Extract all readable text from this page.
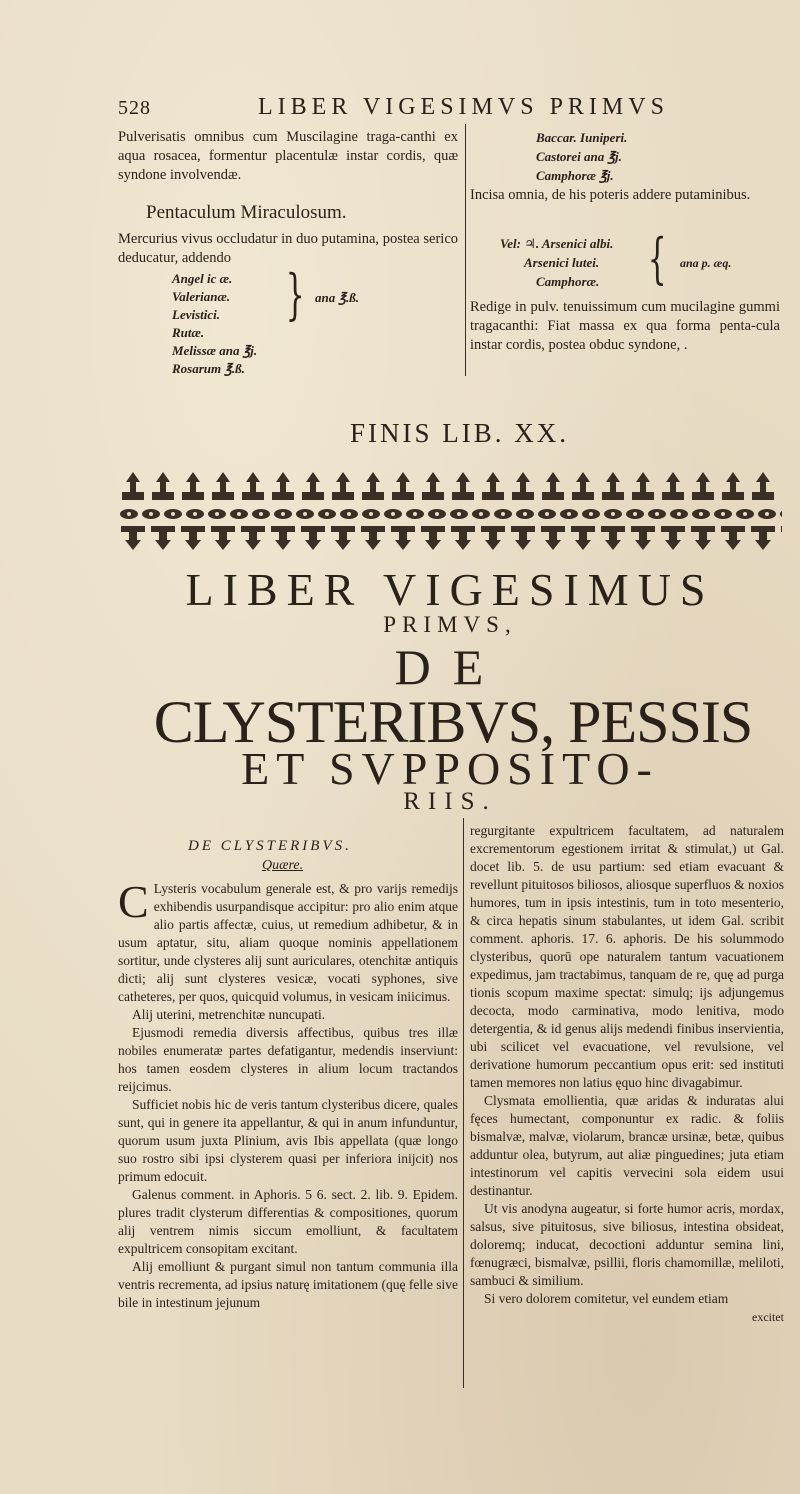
528	LIBER VIGESIMVS PRIMVS
Pulverisatis omnibus cum Muscilagine traga-canthi ex aqua rosacea, formentur placentulæ instar cordis, quæ syndone involvendæ.
Pentaculum Miraculosum.
Mercurius vivus occludatur in duo putamina, postea serico deducatur, addendo
Angel ic æ.
Valerianæ.
Levistici.
Rutæ.
Melissæ ana ℥j.
Rosarum ℥.ß.
} ana ℥.ß.
Baccar. Iuniperi.
Castorei ana ℥j.
Camphoræ ℥j.
Incisa omnia, de his poteris addere putaminibus.
Vel: ♃. Arsenici albi.
Arsenici lutei.
Camphoræ. { ana p. æq.
Redige in pulv. tenuissimum cum mucilagine gummi tragacanthi: Fiat massa ex qua forma penta-cula instar cordis, postea obduc syndone, .
FINIS LIB. XX.
LIBER VIGESIMUS
PRIMVS,
DE
CLYSTERIBVS, PESSIS
ET SVPPOSITO-
RIIS.
DE CLYSTERIBVS.
Quære.

C Lysteris vocabulum generale est, & pro varijs remedijs exhibendis usurpandisque accipitur: pro alio enim atque alio partis affectæ, cuius, ut remedium adhibetur, & in usum aptatur, situ, aliam quoque nominis appellationem sortitur, unde clysteres alij sunt auriculares, otenchitæ antiquis dicti; alij sunt clysteres vesicæ, vocati syphones, sive catheteres, per quos, quicquid volumus, in vesicam iniicimus.

Alij uterini, metrenchitæ nuncupati.

Ejusmodi remedia diversis affectibus, quibus tres illæ nobiles enumeratæ partes defatigantur, medendis inserviunt: hos tamen eosdem clysteres in alium locum tractandos reijcimus.

Sufficiet nobis hic de veris tantum clysteribus dicere, quales sunt, qui in genere ita appellantur, & qui in anum infunduntur, quorum usum juxta Plinium, avis Ibis appellata (quæ longo suo rostro sibi ipsi clysterem quasi per inferiora inijcit) nos primum edocuit.

Galenus comment. in Aphoris. 5 6. sect. 2. lib. 9. Epidem. plures tradit clysterum differentias & compositiones, quorum alij ventrem nimis siccum emolliunt, & facultatem expultricem consopitam excitant.

Alij emolliunt & purgant simul non tantum communia illa ventris recrementa, ad ipsius naturę imitationem (quę felle sive bile in intestinum jejunum

regurgitante expultricem facultatem, ad naturalem excrementorum egestionem irritat & stimulat,) ut Gal. docet lib. 5. de usu partium: sed etiam evacuant & revellunt pituitosos biliosos, aliosque superfluos & noxios humores, tum in ipsis intestinis, tum in toto mesenterio, & circa hepatis sinum stabulantes, ut idem Gal. scribit comment. aphoris. 17. 6. aphoris. De his solummodo clysteribus, quorū ope naturalem tantum vacuationem expedimus, jam tractabimus, tanquam de re, quę ad purga tionis scopum maxime spectat: simulq; ijs adjungemus decocta, modo carminativa, modo lenitiva, modo detergentia, & id genus alijs medendi finibus inservientia, ubi scilicet vel evacuatione, vel revulsione, vel derivatione humorum peccantium opus erit: sed instituti tamen memores non latius ęquo hinc divagabimur.

Clysmata emollientia, quæ aridas & induratas alui fęces humectant, componuntur ex radic. & foliis bismalvæ, malvæ, violarum, brancæ ursinæ, betæ, quibus adduntur olea, butyrum, aut aliæ pinguedines; juta etiam intestinorum vel capitis vervecini sola eidem usui destinantur.

Ut vis anodyna augeatur, si forte humor acris, mordax, salsus, sive pituitosus, sive biliosus, intestina obsideat, doloremq; inducat, decoctioni adduntur semina lini, fœnugræci, bismalvæ, psillii, floris chamomillæ, meliloti, sambuci & similium.

Si vero dolorem comitetur, vel eundem etiam

excitet
